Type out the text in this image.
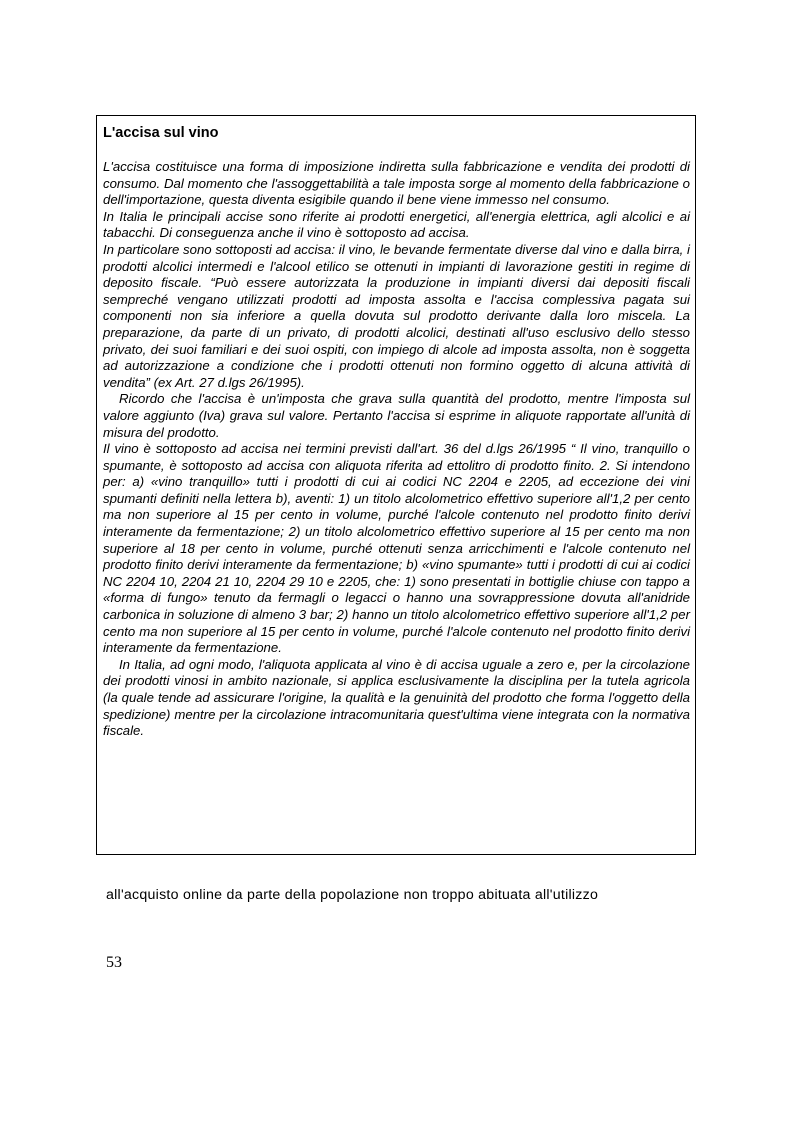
L'accisa sul vino

L'accisa costituisce una forma di imposizione indiretta sulla fabbricazione e vendita dei prodotti di consumo. Dal momento che l'assoggettabilità a tale imposta sorge al momento della fabbricazione o dell'importazione, questa diventa esigibile quando il bene viene immesso nel consumo.

In Italia le principali accise sono riferite ai prodotti energetici, all'energia elettrica, agli alcolici e ai tabacchi. Di conseguenza anche il vino è sottoposto ad accisa.

In particolare sono sottoposti ad accisa: il vino, le bevande fermentate diverse dal vino e dalla birra, i prodotti alcolici intermedi e l'alcool etilico se ottenuti in impianti di lavorazione gestiti in regime di deposito fiscale. “Può essere autorizzata la produzione in impianti diversi dai depositi fiscali sempreché vengano utilizzati prodotti ad imposta assolta e l'accisa complessiva pagata sui componenti non sia inferiore a quella dovuta sul prodotto derivante dalla loro miscela. La preparazione, da parte di un privato, di prodotti alcolici, destinati all'uso esclusivo dello stesso privato, dei suoi familiari e dei suoi ospiti, con impiego di alcole ad imposta assolta, non è soggetta ad autorizzazione a condizione che i prodotti ottenuti non formino oggetto di alcuna attività di vendita” (ex Art. 27 d.lgs 26/1995).

Ricordo che l'accisa è un'imposta che grava sulla quantità del prodotto, mentre l'imposta sul valore aggiunto (Iva) grava sul valore. Pertanto l'accisa si esprime in aliquote rapportate all'unità di misura del prodotto.

Il vino è sottoposto ad accisa nei termini previsti dall'art. 36 del d.lgs 26/1995 “ Il vino, tranquillo o spumante, è sottoposto ad accisa con aliquota riferita ad ettolitro di prodotto finito. 2. Si intendono per: a) «vino tranquillo» tutti i prodotti di cui ai codici NC 2204 e 2205, ad eccezione dei vini spumanti definiti nella lettera b), aventi: 1) un titolo alcolometrico effettivo superiore all'1,2 per cento ma non superiore al 15 per cento in volume, purché l'alcole contenuto nel prodotto finito derivi interamente da fermentazione; 2) un titolo alcolometrico effettivo superiore al 15 per cento ma non superiore al 18 per cento in volume, purché ottenuti senza arricchimenti e l'alcole contenuto nel prodotto finito derivi interamente da fermentazione; b) «vino spumante» tutti i prodotti di cui ai codici NC 2204 10, 2204 21 10, 2204 29 10 e 2205, che: 1) sono presentati in bottiglie chiuse con tappo a «forma di fungo» tenuto da fermagli o legacci o hanno una sovrappressione dovuta all'anidride carbonica in soluzione di almeno 3 bar; 2) hanno un titolo alcolometrico effettivo superiore all'1,2 per cento ma non superiore al 15 per cento in volume, purché l'alcole contenuto nel prodotto finito derivi interamente da fermentazione.

In Italia, ad ogni modo, l'aliquota applicata al vino è di accisa uguale a zero e, per la circolazione dei prodotti vinosi in ambito nazionale, si applica esclusivamente la disciplina per la tutela agricola (la quale tende ad assicurare l'origine, la qualità e la genuinità del prodotto che forma l'oggetto della spedizione) mentre per la circolazione intracomunitaria quest'ultima viene integrata con la normativa fiscale.

all'acquisto online da parte della popolazione non troppo abituata all'utilizzo
53
